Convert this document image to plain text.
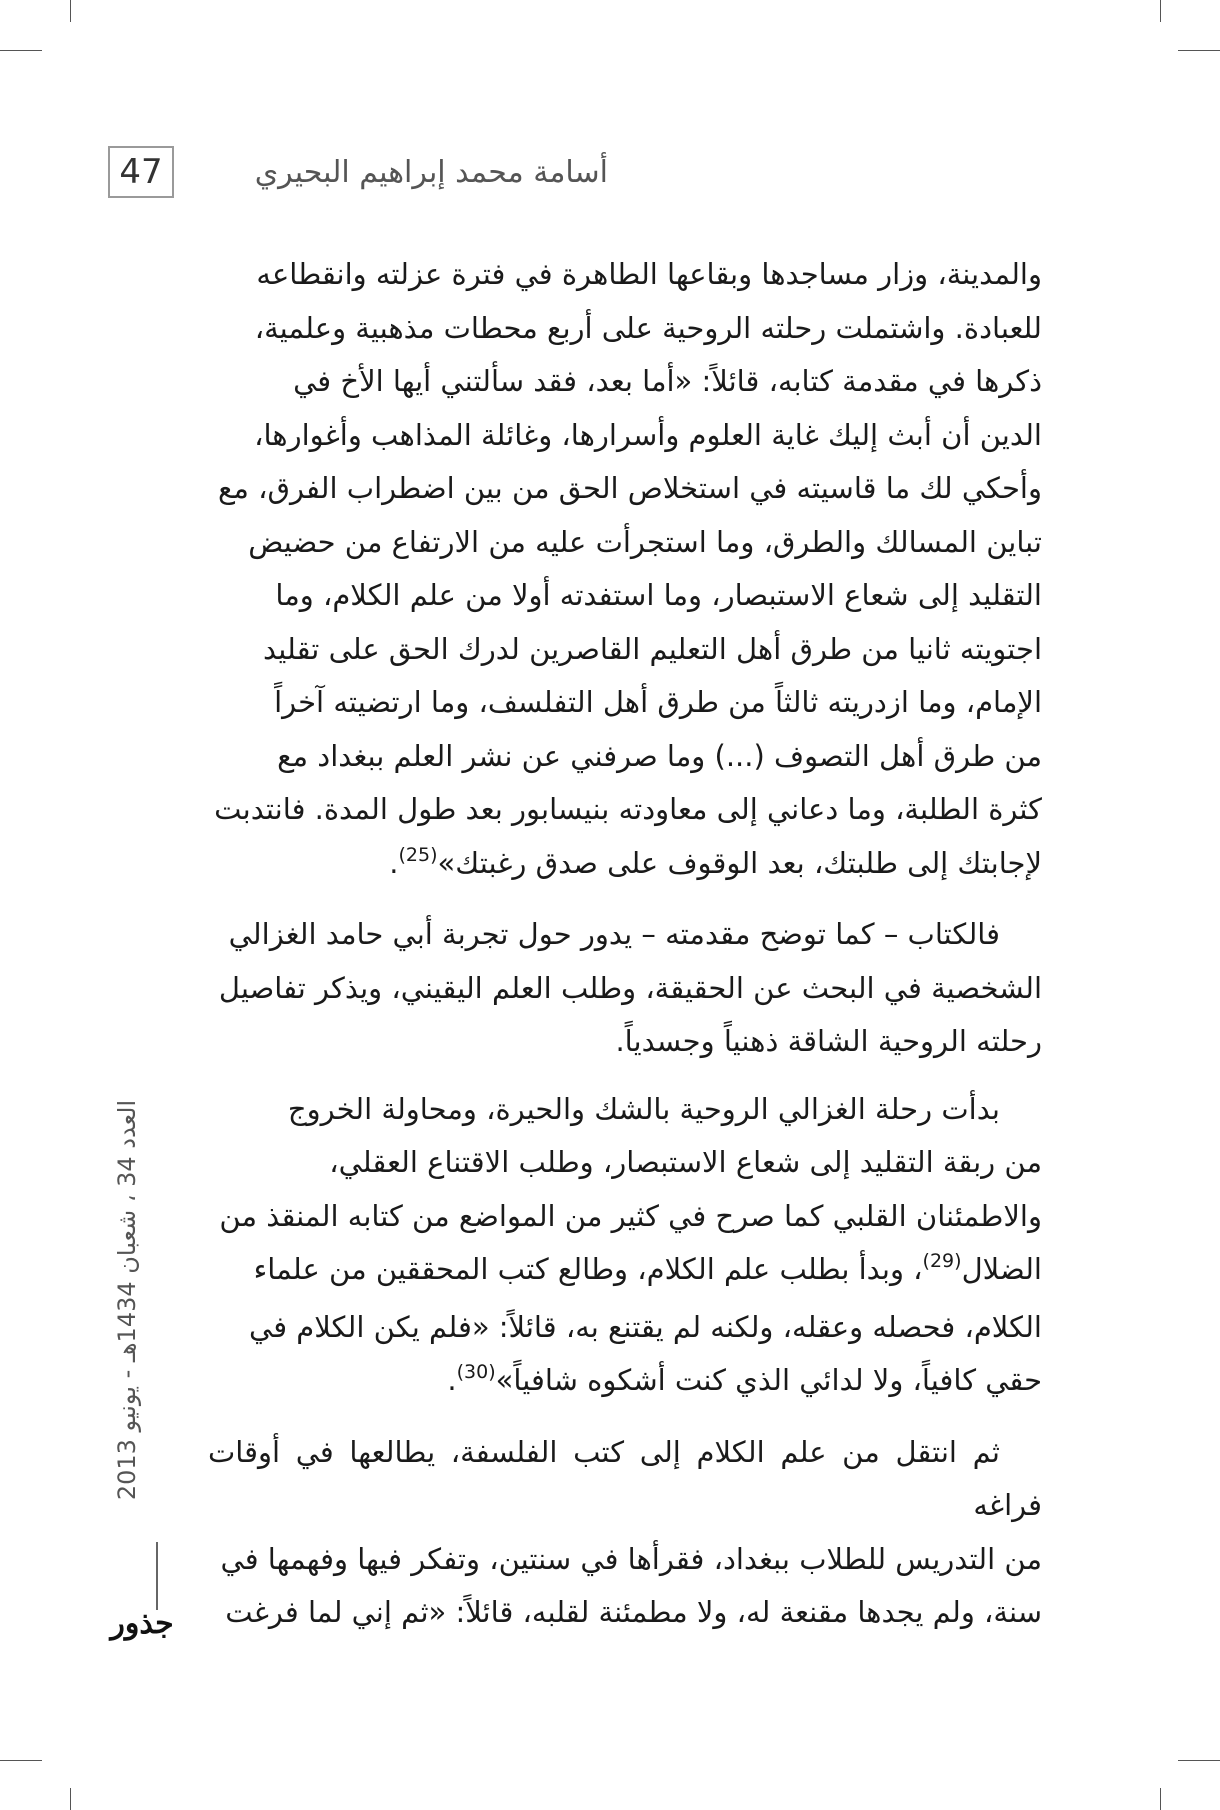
47	أسامة محمد إبراهيم البحيري
والمدينة، وزار مساجدها وبقاعها الطاهرة في فترة عزلته وانقطاعه
للعبادة. واشتملت رحلته الروحية على أربع محطات مذهبية وعلمية،
ذكرها في مقدمة كتابه، قائلاً: «أما بعد، فقد سألتني أيها الأخ في
الدين أن أبث إليك غاية العلوم وأسرارها، وغائلة المذاهب وأغوارها،
وأحكي لك ما قاسيته في استخلاص الحق من بين اضطراب الفرق، مع
تباين المسالك والطرق، وما استجرأت عليه من الارتفاع من حضيض
التقليد إلى شعاع الاستبصار، وما استفدته أولا من علم الكلام، وما
اجتويته ثانيا من طرق أهل التعليم القاصرين لدرك الحق على تقليد
الإمام، وما ازدريته ثالثاً من طرق أهل التفلسف، وما ارتضيته آخراً
من طرق أهل التصوف (...) وما صرفني عن نشر العلم ببغداد مع
كثرة الطلبة، وما دعاني إلى معاودته بنيسابور بعد طول المدة. فانتدبت
لإجابتك إلى طلبتك، بعد الوقوف على صدق رغبتك»$^{(25)}$.
فالكتاب – كما توضح مقدمته – يدور حول تجربة أبي حامد الغزالي
الشخصية في البحث عن الحقيقة، وطلب العلم اليقيني، ويذكر تفاصيل
رحلته الروحية الشاقة ذهنياً وجسدياً.
بدأت رحلة الغزالي الروحية بالشك والحيرة، ومحاولة الخروج
من ربقة التقليد إلى شعاع الاستبصار، وطلب الاقتناع العقلي،
والاطمئنان القلبي كما صرح في كثير من المواضع من كتابه المنقذ من
الضلال$^{(29)}$، وبدأ بطلب علم الكلام، وطالع كتب المحققين من علماء
الكلام، فحصله وعقله، ولكنه لم يقتنع به، قائلاً: «فلم يكن الكلام في
حقي كافياً، ولا لدائي الذي كنت أشكوه شافياً»$^{(30)}$.
ثم انتقل من علم الكلام إلى كتب الفلسفة، يطالعها في أوقات فراغه
من التدريس للطلاب ببغداد، فقرأها في سنتين، وتفكر فيها وفهمها في
سنة، ولم يجدها مقنعة له، ولا مطمئنة لقلبه، قائلاً: «ثم إني لما فرغت
العدد 34 ، شعبان 1434هـ - يونيو 2013
جذور
